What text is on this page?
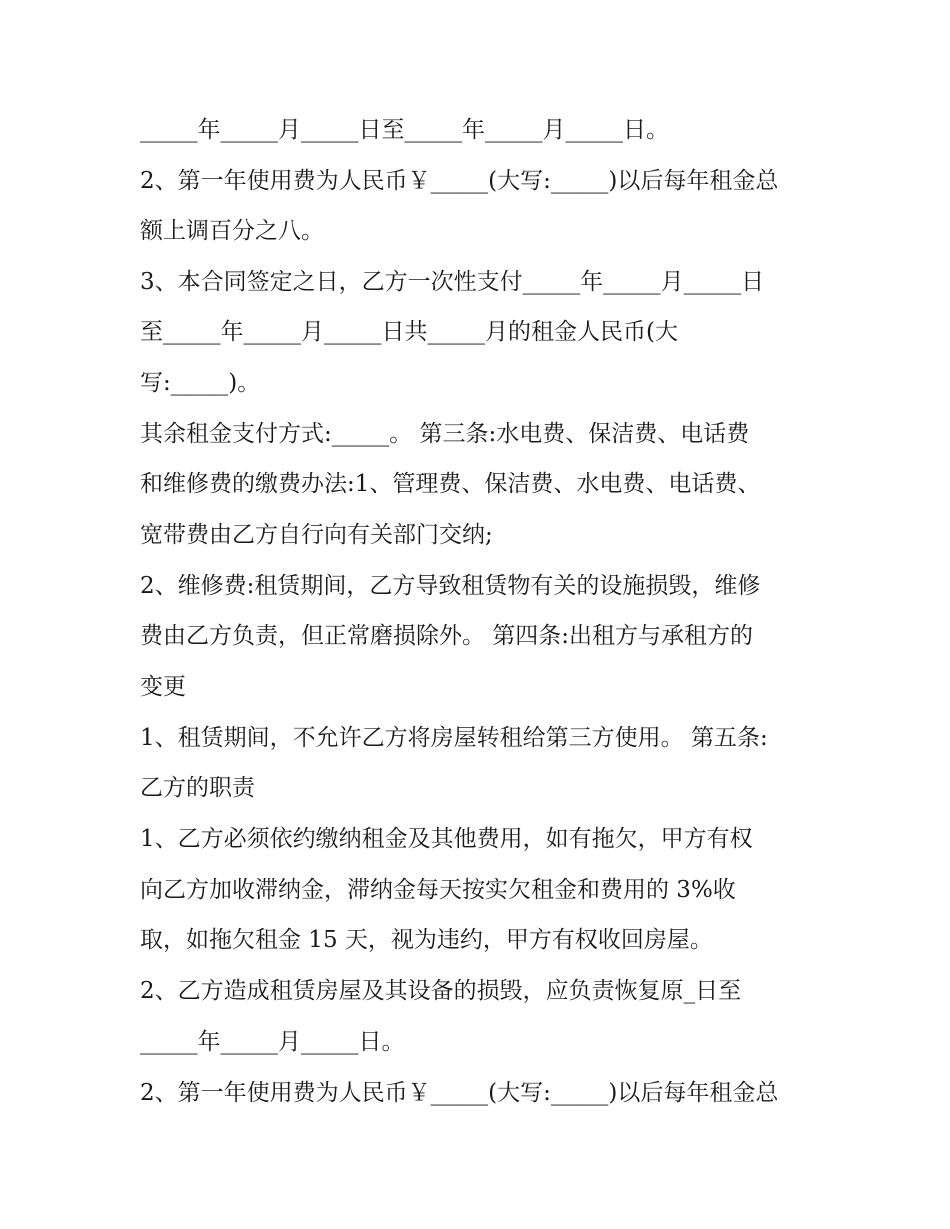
_____年_____月_____日至_____年_____月_____日。
2、第一年使用费为人民币￥_____(大写:_____)以后每年租金总
额上调百分之八。
3、本合同签定之日，乙方一次性支付_____年_____月_____日
至_____年_____月_____日共_____月的租金人民币(大
写:_____)。
其余租金支付方式:_____。 第三条:水电费、保洁费、电话费
和维修费的缴费办法:1、管理费、保洁费、水电费、电话费、
宽带费由乙方自行向有关部门交纳;
2、维修费:租赁期间，乙方导致租赁物有关的设施损毁，维修
费由乙方负责，但正常磨损除外。 第四条:出租方与承租方的
变更
1、租赁期间，不允许乙方将房屋转租给第三方使用。 第五条:
乙方的职责
1、乙方必须依约缴纳租金及其他费用，如有拖欠，甲方有权
向乙方加收滞纳金，滞纳金每天按实欠租金和费用的 3%收
取，如拖欠租金 15 天，视为违约，甲方有权收回房屋。
2、乙方造成租赁房屋及其设备的损毁，应负责恢复原_日至
_____年_____月_____日。
2、第一年使用费为人民币￥_____(大写:_____)以后每年租金总
